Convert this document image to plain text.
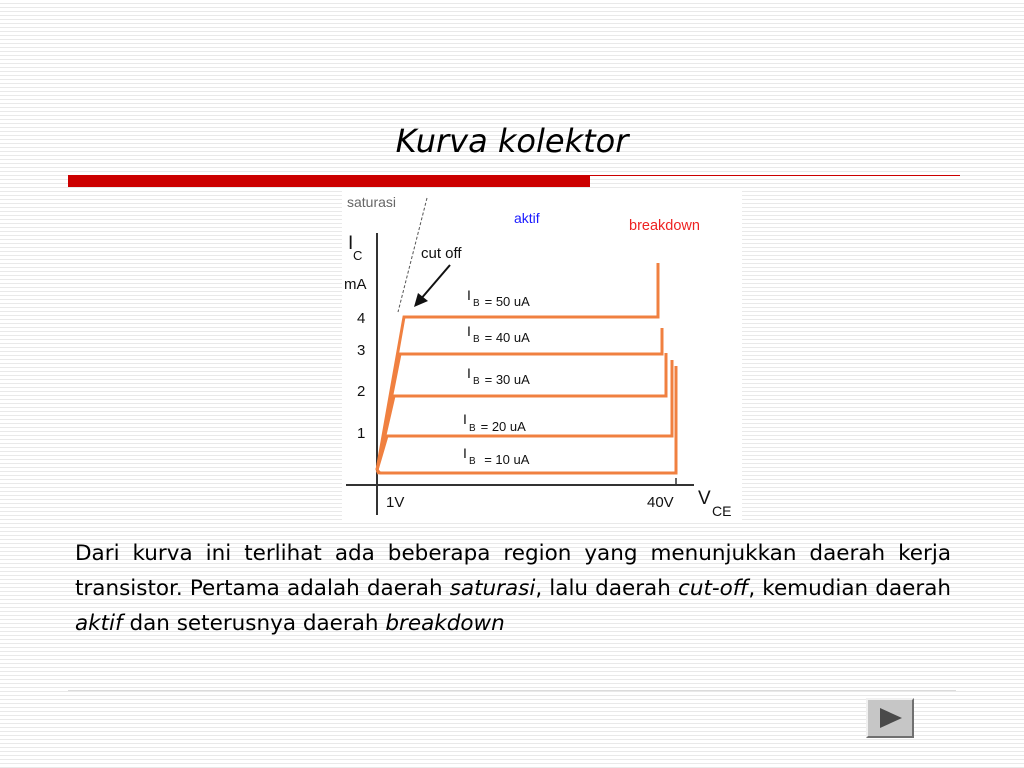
Kurva kolektor
saturasi
aktif	breakdown
cut off
I
C
mA
4
3
2
1
1V	40V V
CE
I
B = 50 uA
I
B = 40 uA
I
B = 30 uA
I
B = 20 uA
I
B = 10 uA
Dari kurva ini terlihat ada beberapa region yang menunjukkan daerah kerja transistor. Pertama adalah daerah saturasi, lalu daerah cut-off, kemudian daerah aktif dan seterusnya daerah breakdown
